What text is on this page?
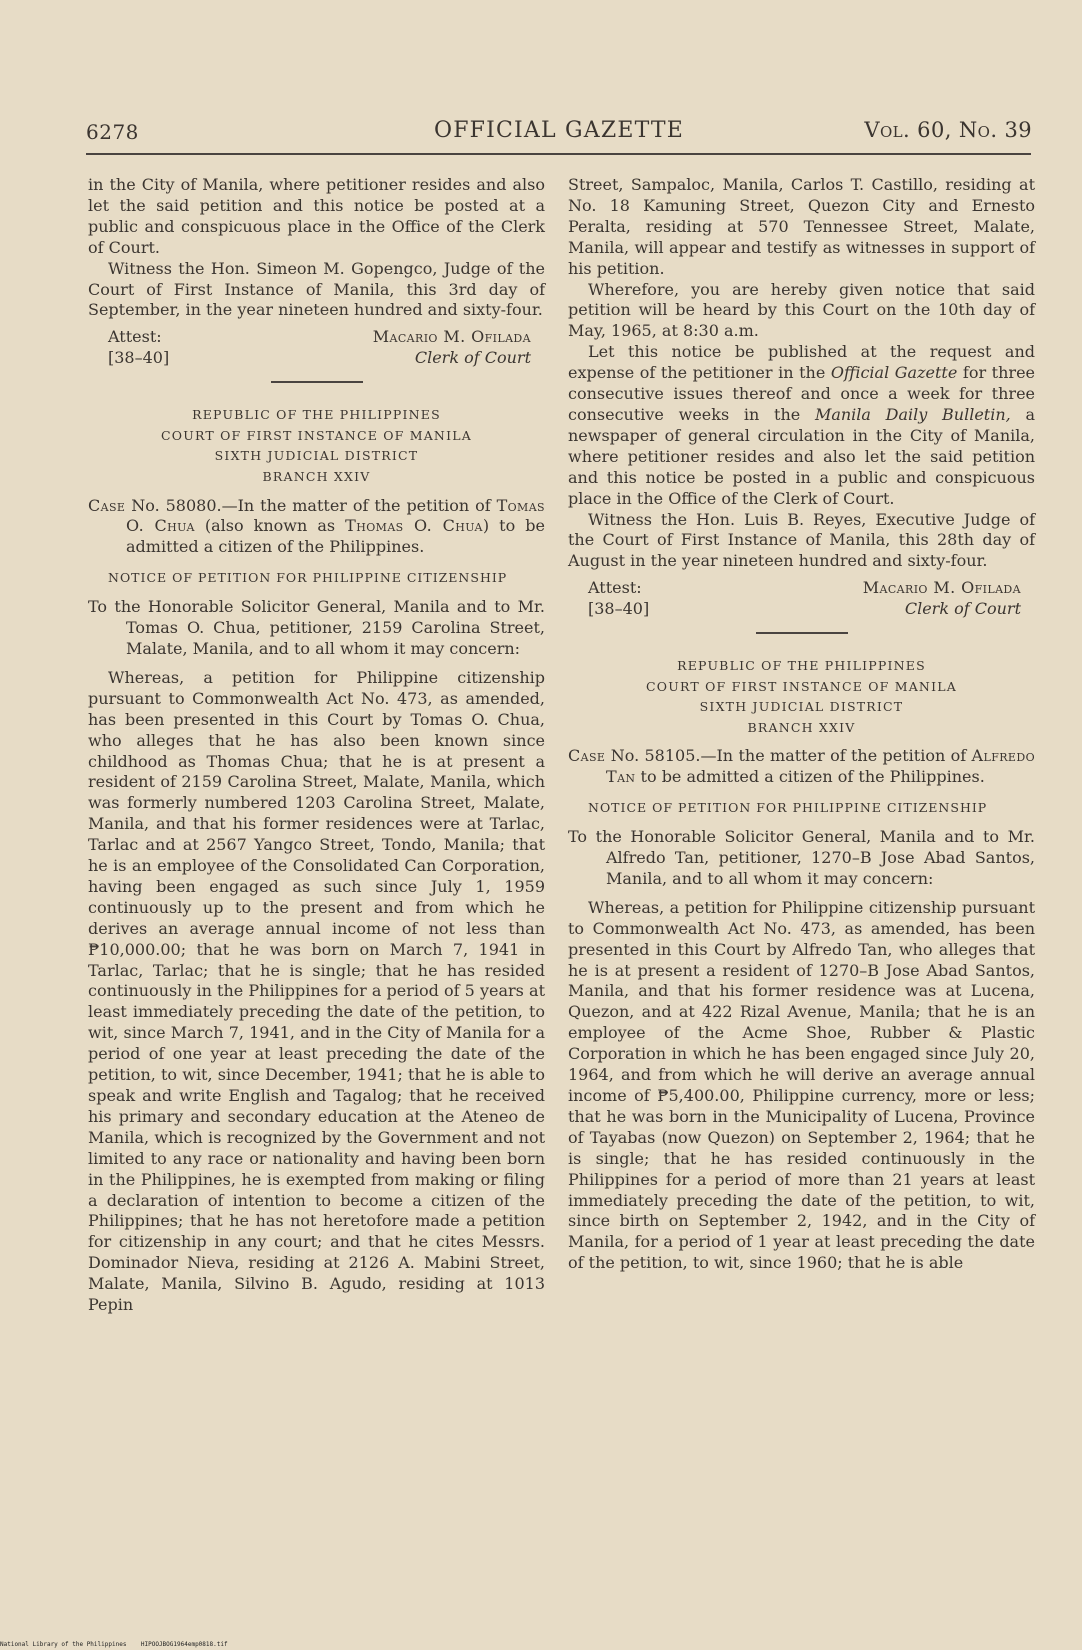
6278	OFFICIAL GAZETTE	Vol. 60, No. 39

in the City of Manila, where petitioner resides and also let the said petition and this notice be posted at a public and conspicuous place in the Office of the Clerk of Court.

Witness the Hon. Simeon M. Gopengco, Judge of the Court of First Instance of Manila, this 3rd day of September, in the year nineteen hundred and sixty-four.

Attest:
[38–40]
Macario M. Ofilada
Clerk of Court
REPUBLIC OF THE PHILIPPINES
COURT OF FIRST INSTANCE OF MANILA
SIXTH JUDICIAL DISTRICT
BRANCH XXIV

Case No. 58080.—In the matter of the petition of Tomas O. Chua (also known as Thomas O. Chua) to be admitted a citizen of the Philippines.

NOTICE OF PETITION FOR PHILIPPINE CITIZENSHIP

To the Honorable Solicitor General, Manila and to Mr. Tomas O. Chua, petitioner, 2159 Carolina Street, Malate, Manila, and to all whom it may concern:

Whereas, a petition for Philippine citizenship pursuant to Commonwealth Act No. 473, as amended, has been presented in this Court by Tomas O. Chua, who alleges that he has also been known since childhood as Thomas Chua; that he is at present a resident of 2159 Carolina Street, Malate, Manila, which was formerly numbered 1203 Carolina Street, Malate, Manila, and that his former residences were at Tarlac, Tarlac and at 2567 Yangco Street, Tondo, Manila; that he is an employee of the Consolidated Can Corporation, having been engaged as such since July 1, 1959 continuously up to the present and from which he derives an average annual income of not less than ₱10,000.00; that he was born on March 7, 1941 in Tarlac, Tarlac; that he is single; that he has resided continuously in the Philippines for a period of 5 years at least immediately preceding the date of the petition, to wit, since March 7, 1941, and in the City of Manila for a period of one year at least preceding the date of the petition, to wit, since December, 1941; that he is able to speak and write English and Tagalog; that he received his primary and secondary education at the Ateneo de Manila, which is recognized by the Government and not limited to any race or nationality and having been born in the Philippines, he is exempted from making or filing a declaration of intention to become a citizen of the Philippines; that he has not heretofore made a petition for citizenship in any court; and that he cites Messrs. Dominador Nieva, residing at 2126 A. Mabini Street, Malate, Manila, Silvino B. Agudo, residing at 1013 Pepin

Street, Sampaloc, Manila, Carlos T. Castillo, residing at No. 18 Kamuning Street, Quezon City and Ernesto Peralta, residing at 570 Tennessee Street, Malate, Manila, will appear and testify as witnesses in support of his petition.

Wherefore, you are hereby given notice that said petition will be heard by this Court on the 10th day of May, 1965, at 8:30 a.m.

Let this notice be published at the request and expense of the petitioner in the Official Gazette for three consecutive issues thereof and once a week for three consecutive weeks in the Manila Daily Bulletin, a newspaper of general circulation in the City of Manila, where petitioner resides and also let the said petition and this notice be posted in a public and conspicuous place in the Office of the Clerk of Court.

Witness the Hon. Luis B. Reyes, Executive Judge of the Court of First Instance of Manila, this 28th day of August in the year nineteen hundred and sixty-four.

Attest:
[38–40]
Macario M. Ofilada
Clerk of Court
REPUBLIC OF THE PHILIPPINES
COURT OF FIRST INSTANCE OF MANILA
SIXTH JUDICIAL DISTRICT
BRANCH XXIV

Case No. 58105.—In the matter of the petition of Alfredo Tan to be admitted a citizen of the Philippines.

NOTICE OF PETITION FOR PHILIPPINE CITIZENSHIP

To the Honorable Solicitor General, Manila and to Mr. Alfredo Tan, petitioner, 1270–B Jose Abad Santos, Manila, and to all whom it may concern:

Whereas, a petition for Philippine citizenship pursuant to Commonwealth Act No. 473, as amended, has been presented in this Court by Alfredo Tan, who alleges that he is at present a resident of 1270–B Jose Abad Santos, Manila, and that his former residence was at Lucena, Quezon, and at 422 Rizal Avenue, Manila; that he is an employee of the Acme Shoe, Rubber & Plastic Corporation in which he has been engaged since July 20, 1964, and from which he will derive an average annual income of ₱5,400.00, Philippine currency, more or less; that he was born in the Municipality of Lucena, Province of Tayabas (now Quezon) on September 2, 1964; that he is single; that he has resided continuously in the Philippines for a period of more than 21 years at least immediately preceding the date of the petition, to wit, since birth on September 2, 1942, and in the City of Manila, for a period of 1 year at least preceding the date of the petition, to wit, since 1960; that he is able

National Library of the Philippines    HIPOOJBOG1964emp0818.tif
